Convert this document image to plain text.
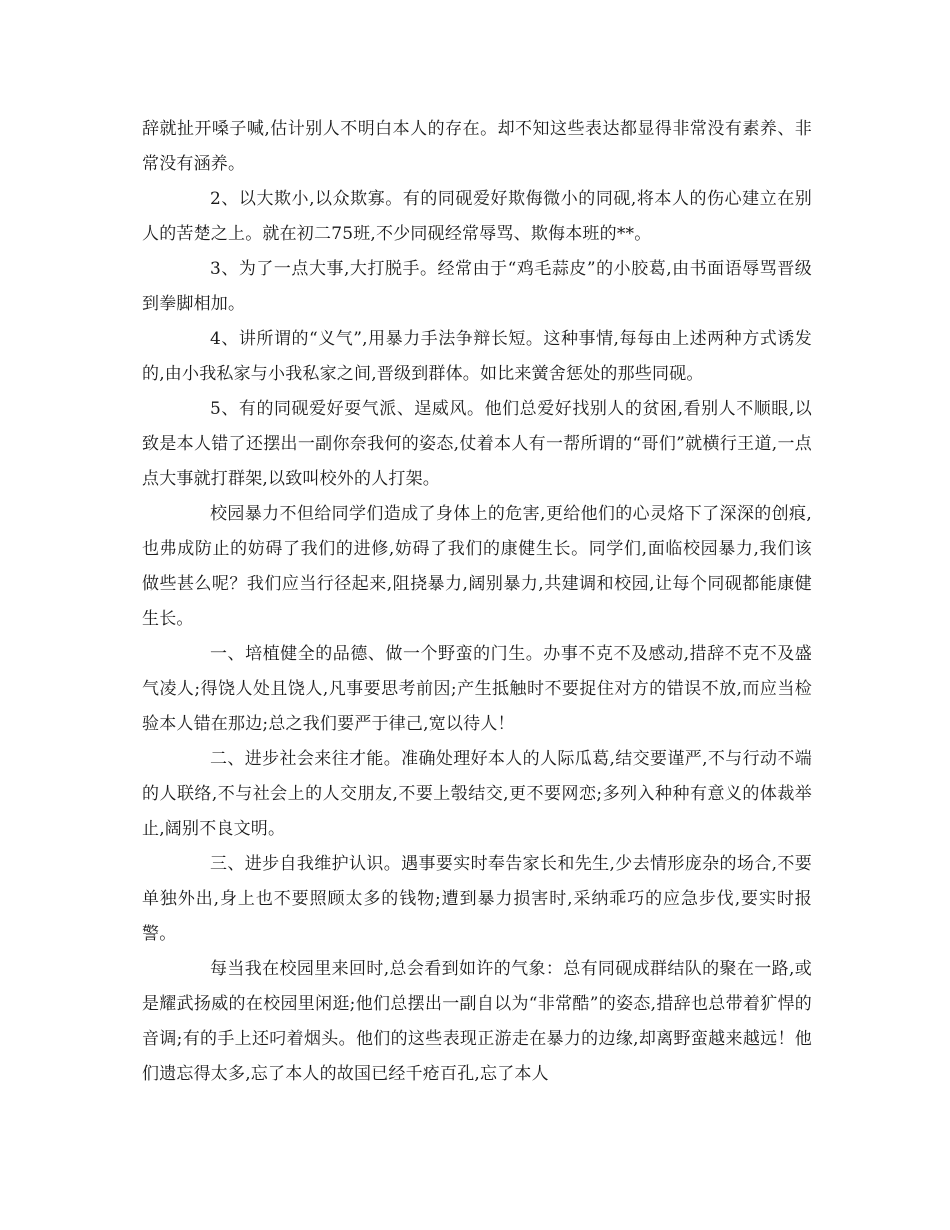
辞就扯开嗓子喊,估计别人不明白本人的存在。却不知这些表达都显得非常没有素养、非常没有涵养。

2、以大欺小,以众欺寡。有的同砚爱好欺侮微小的同砚,将本人的伤心建立在别人的苦楚之上。就在初二75班,不少同砚经常辱骂、欺侮本班的**。

3、为了一点大事,大打脱手。经常由于“鸡毛蒜皮”的小胶葛,由书面语辱骂晋级到拳脚相加。

4、讲所谓的“义气”,用暴力手法争辩长短。这种事情,每每由上述两种方式诱发的,由小我私家与小我私家之间,晋级到群体。如比来黉舍惩处的那些同砚。

5、有的同砚爱好耍气派、逞威风。他们总爱好找别人的贫困,看别人不顺眼,以致是本人错了还摆出一副你奈我何的姿态,仗着本人有一帮所谓的“哥们”就横行王道,一点点大事就打群架,以致叫校外的人打架。

校园暴力不但给同学们造成了身体上的危害,更给他们的心灵烙下了深深的创痕,也弗成防止的妨碍了我们的进修,妨碍了我们的康健生长。同学们,面临校园暴力,我们该做些甚么呢？我们应当行径起来,阻挠暴力,阔别暴力,共建调和校园,让每个同砚都能康健生长。

一、培植健全的品德、做一个野蛮的门生。办事不克不及感动,措辞不克不及盛气凌人;得饶人处且饶人,凡事要思考前因;产生抵触时不要捉住对方的错误不放,而应当检验本人错在那边;总之我们要严于律己,宽以待人！

二、进步社会来往才能。准确处理好本人的人际瓜葛,结交要谨严,不与行动不端的人联络,不与社会上的人交朋友,不要上彀结交,更不要网恋;多列入种种有意义的体裁举止,阔别不良文明。

三、进步自我维护认识。遇事要实时奉告家长和先生,少去情形庞杂的场合,不要单独外出,身上也不要照顾太多的钱物;遭到暴力损害时,采纳乖巧的应急步伐,要实时报警。

每当我在校园里来回时,总会看到如许的气象：总有同砚成群结队的聚在一路,或是耀武扬威的在校园里闲逛;他们总摆出一副自以为“非常酷”的姿态,措辞也总带着犷悍的音调;有的手上还叼着烟头。他们的这些表现正游走在暴力的边缘,却离野蛮越来越远！他们遗忘得太多,忘了本人的故国已经千疮百孔,忘了本人
